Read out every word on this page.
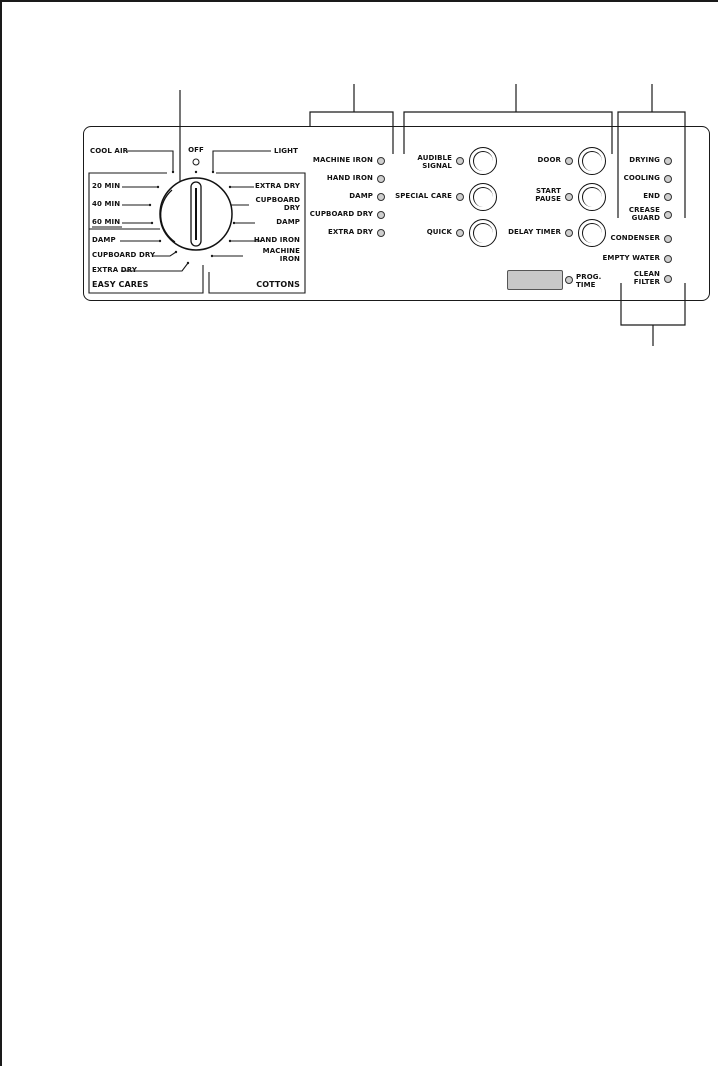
OFF
COOL AIR	LIGHT
20 MIN
40 MIN
60 MIN
DAMP
CUPBOARD DRY
EXTRA DRY
EASY CARES
EXTRA DRY
CUPBOARD
DRY
DAMP
HAND IRON
MACHINE
IRON
COTTONS
MACHINE IRON
HAND IRON
DAMP
CUPBOARD DRY
EXTRA DRY
AUDIBLE
SIGNAL
SPECIAL CARE
QUICK
DOOR
START
PAUSE
DELAY TIMER
PROG.
TIME
DRYING
COOLING
END
CREASE
GUARD
CONDENSER
EMPTY WATER
CLEAN
FILTER
